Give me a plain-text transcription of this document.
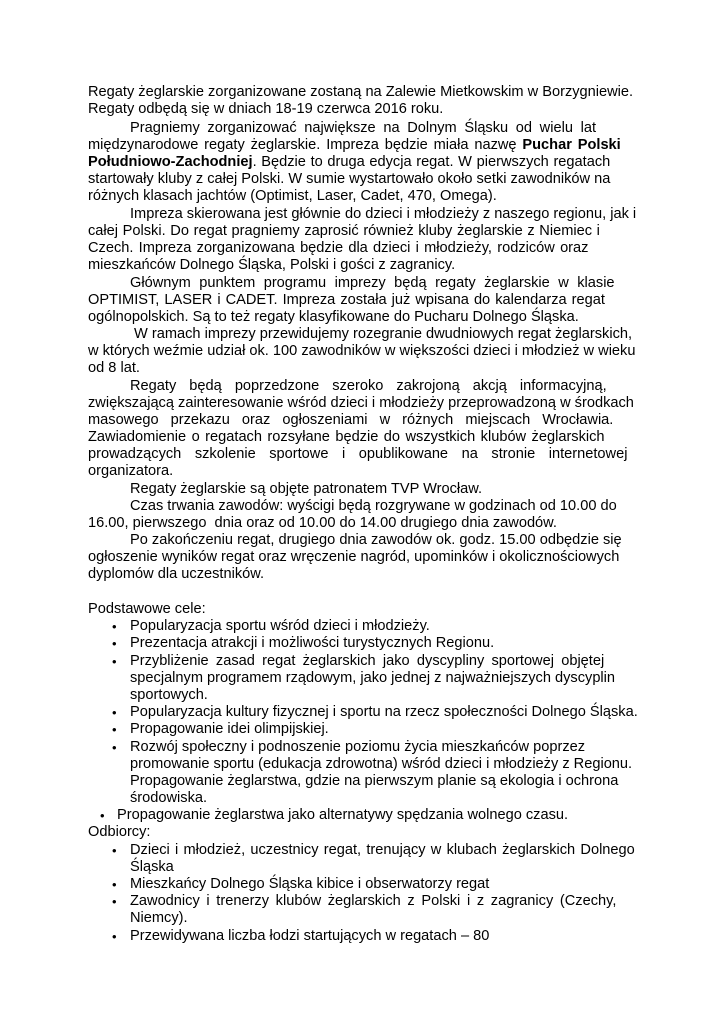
Regaty żeglarskie zorganizowane zostaną na Zalewie Mietkowskim w Borzygniewie.
Regaty odbędą się w dniach 18-19 czerwca 2016 roku.
Pragniemy zorganizować największe na Dolnym Śląsku od wielu lat
międzynarodowe regaty żeglarskie. Impreza będzie miała nazwę Puchar Polski
Południowo-Zachodniej. Będzie to druga edycja regat. W pierwszych regatach
startowały kluby z całej Polski. W sumie wystartowało około setki zawodników na
różnych klasach jachtów (Optimist, Laser, Cadet, 470, Omega).
Impreza skierowana jest głównie do dzieci i młodzieży z naszego regionu, jak i
całej Polski. Do regat pragniemy zaprosić również kluby żeglarskie z Niemiec i
Czech. Impreza zorganizowana będzie dla dzieci i młodzieży, rodziców oraz
mieszkańców Dolnego Śląska, Polski i gości z zagranicy.
Głównym punktem programu imprezy będą regaty żeglarskie w klasie
OPTIMIST, LASER i CADET. Impreza została już wpisana do kalendarza regat
ogólnopolskich. Są to też regaty klasyfikowane do Pucharu Dolnego Śląska.
W ramach imprezy przewidujemy rozegranie dwudniowych regat żeglarskich,
w których weźmie udział ok. 100 zawodników w większości dzieci i młodzież w wieku
od 8 lat.
Regaty będą poprzedzone szeroko zakrojoną akcją informacyjną,
zwiększającą zainteresowanie wśród dzieci i młodzieży przeprowadzoną w środkach
masowego przekazu oraz ogłoszeniami w różnych miejscach Wrocławia.
Zawiadomienie o regatach rozsyłane będzie do wszystkich klubów żeglarskich
prowadzących szkolenie sportowe i opublikowane na stronie internetowej
organizatora.
Regaty żeglarskie są objęte patronatem TVP Wrocław.
Czas trwania zawodów: wyścigi będą rozgrywane w godzinach od 10.00 do
16.00, pierwszego  dnia oraz od 10.00 do 14.00 drugiego dnia zawodów.
Po zakończeniu regat, drugiego dnia zawodów ok. godz. 15.00 odbędzie się
ogłoszenie wyników regat oraz wręczenie nagród, upominków i okolicznościowych
dyplomów dla uczestników.
Podstawowe cele:
• Popularyzacja sportu wśród dzieci i młodzieży.
• Prezentacja atrakcji i możliwości turystycznych Regionu.
• Przybliżenie zasad regat żeglarskich jako dyscypliny sportowej objętej
specjalnym programem rządowym, jako jednej z najważniejszych dyscyplin
sportowych.
• Popularyzacja kultury fizycznej i sportu na rzecz społeczności Dolnego Śląska.
• Propagowanie idei olimpijskiej.
• Rozwój społeczny i podnoszenie poziomu życia mieszkańców poprzez
promowanie sportu (edukacja zdrowotna) wśród dzieci i młodzieży z Regionu.
Propagowanie żeglarstwa, gdzie na pierwszym planie są ekologia i ochrona
środowiska.
• Propagowanie żeglarstwa jako alternatywy spędzania wolnego czasu.
Odbiorcy:
• Dzieci i młodzież, uczestnicy regat, trenujący w klubach żeglarskich Dolnego
Śląska
• Mieszkańcy Dolnego Śląska kibice i obserwatorzy regat
• Zawodnicy i trenerzy klubów żeglarskich z Polski i z zagranicy (Czechy,
Niemcy).
• Przewidywana liczba łodzi startujących w regatach – 80
